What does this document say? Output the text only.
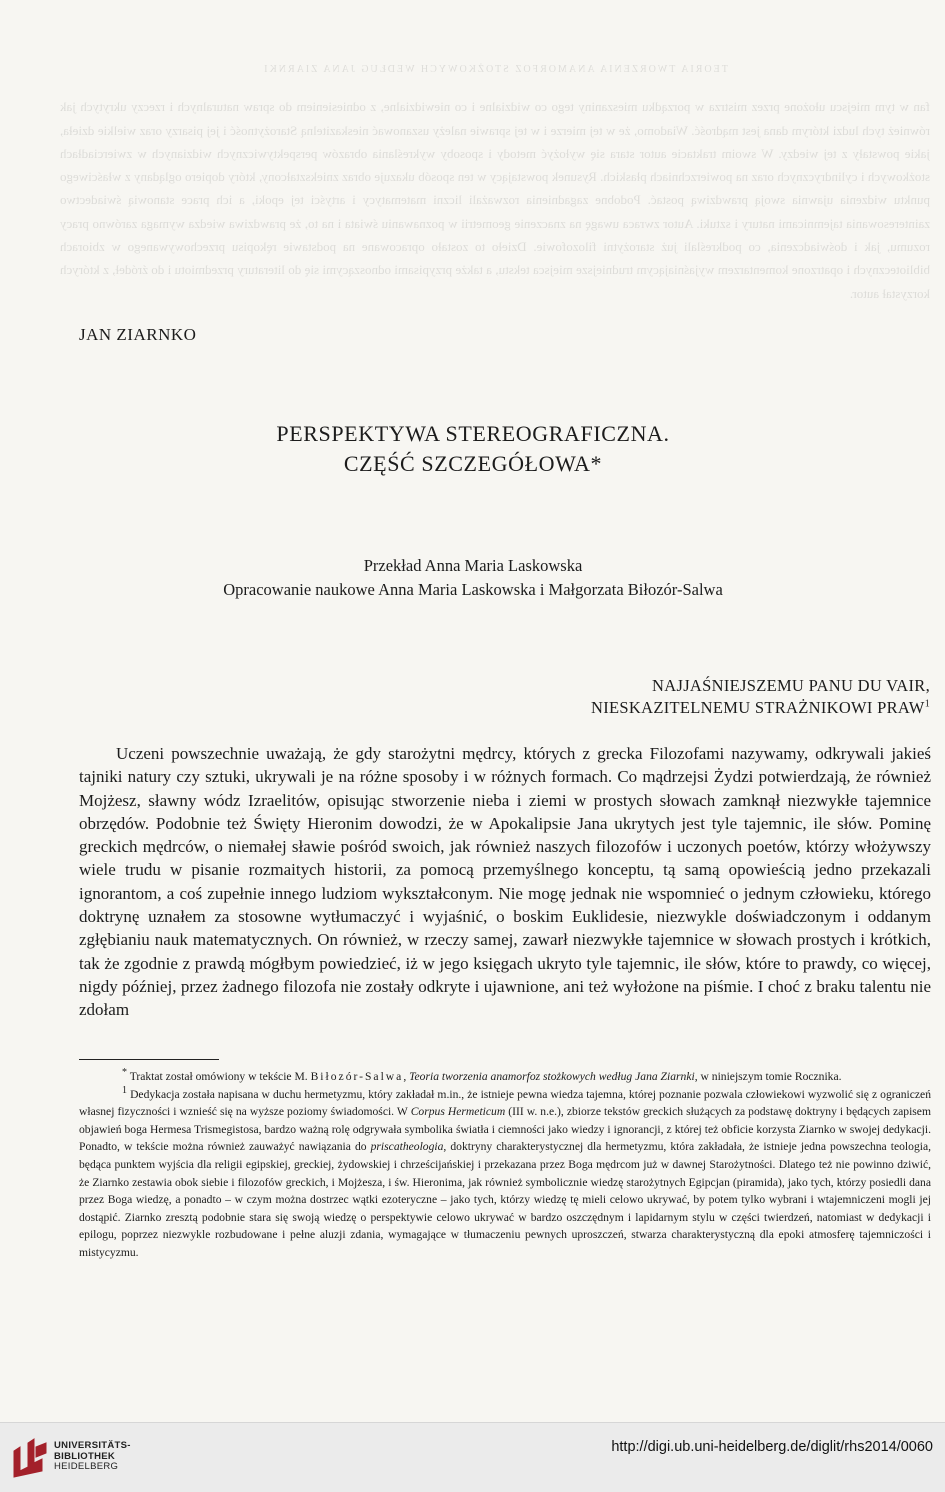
TEORIA TWORZENIA ANAMORFOZ STOŻKOWYCH WEDŁUG JANA ZIARNKI
fan w tym miejscu ułożone przez mistrza w porządku mieszaniny tego co widzialne i co niewidzialne, z odniesieniem do spraw naturalnych i rzeczy ukrytych jak również tych ludzi którym dana jest mądrość. Wiadomo, że w tej mierze i w tej sprawie należy uszanować nieskazitelną Starożytność i jej pisarzy oraz wielkie dzieła, jakie powstały z tej wiedzy. W swoim traktacie autor stara się wyłożyć metody i sposoby wykreślania obrazów perspektywicznych widzianych w zwierciadłach stożkowych i cylindrycznych oraz na powierzchniach płaskich. Rysunek powstający w ten sposób ukazuje obraz zniekształcony, który dopiero oglądany z właściwego punktu widzenia ujawnia swoją prawdziwą postać. Podobne zagadnienia rozważali liczni matematycy i artyści tej epoki, a ich prace stanowią świadectwo zainteresowania tajemnicami natury i sztuki. Autor zwraca uwagę na znaczenie geometrii w poznawaniu świata i na to, że prawdziwa wiedza wymaga zarówno pracy rozumu, jak i doświadczenia, co podkreślali już starożytni filozofowie. Dzieło to zostało opracowane na podstawie rękopisu przechowywanego w zbiorach bibliotecznych i opatrzone komentarzem wyjaśniającym trudniejsze miejsca tekstu, a także przypisami odnoszącymi się do literatury przedmiotu i do źródeł, z których korzystał autor.
JAN ZIARNKO
PERSPEKTYWA STEREOGRAFICZNA.
CZĘŚĆ SZCZEGÓŁOWA*
Przekład Anna Maria Laskowska
Opracowanie naukowe Anna Maria Laskowska i Małgorzata Biłozór-Salwa
NAJJAŚNIEJSZEMU PANU DU VAIR,
NIESKAZITELNEMU STRAŻNIKOWI PRAW$^1$

Uczeni powszechnie uważają, że gdy starożytni mędrcy, których z grecka Filozofami nazywamy, odkrywali jakieś tajniki natury czy sztuki, ukrywali je na różne sposoby i w różnych formach. Co mądrzejsi Żydzi potwierdzają, że również Mojżesz, sławny wódz Izraelitów, opisując stworzenie nieba i ziemi w prostych słowach zamknął niezwykłe tajemnice obrzędów. Podobnie też Święty Hieronim dowodzi, że w Apokalipsie Jana ukrytych jest tyle tajemnic, ile słów. Pominę greckich mędrców, o niemałej sławie pośród swoich, jak również naszych filozofów i uczonych poetów, którzy włożywszy wiele trudu w pisanie rozmaitych historii, za pomocą przemyślnego konceptu, tą samą opowieścią jedno przekazali ignorantom, a coś zupełnie innego ludziom wykształconym. Nie mogę jednak nie wspomnieć o jednym człowieku, którego doktrynę uznałem za stosowne wytłumaczyć i wyjaśnić, o boskim Euklidesie, niezwykle doświadczonym i oddanym zgłębianiu nauk matematycznych. On również, w rzeczy samej, zawarł niezwykłe tajemnice w słowach prostych i krótkich, tak że zgodnie z prawdą mógłbym powiedzieć, iż w jego księgach ukryto tyle tajemnic, ile słów, które to prawdy, co więcej, nigdy później, przez żadnego filozofa nie zostały odkryte i ujawnione, ani też wyłożone na piśmie. I choć z braku talentu nie zdołam

* Traktat został omówiony w tekście M. Biłozór-Salwa, Teoria tworzenia anamorfoz stożkowych według Jana Ziarnki, w niniejszym tomie Rocznika.

$^1$ Dedykacja została napisana w duchu hermetyzmu, który zakładał m.in., że istnieje pewna wiedza tajemna, której poznanie pozwala człowiekowi wyzwolić się z ograniczeń własnej fizyczności i wznieść się na wyższe poziomy świadomości. W Corpus Hermeticum (III w. n.e.), zbiorze tekstów greckich służących za podstawę doktryny i będących zapisem objawień boga Hermesa Trismegistosa, bardzo ważną rolę odgrywała symbolika światła i ciemności jako wiedzy i ignorancji, z której też obficie korzysta Ziarnko w swojej dedykacji. Ponadto, w tekście można również zauważyć nawiązania do priscatheologia, doktryny charakterystycznej dla hermetyzmu, która zakładała, że istnieje jedna powszechna teologia, będąca punktem wyjścia dla religii egipskiej, greckiej, żydowskiej i chrześcijańskiej i przekazana przez Boga mędrcom już w dawnej Starożytności. Dlatego też nie powinno dziwić, że Ziarnko zestawia obok siebie i filozofów greckich, i Mojżesza, i św. Hieronima, jak również symbolicznie wiedzę starożytnych Egipcjan (piramida), jako tych, którzy posiedli dana przez Boga wiedzę, a ponadto – w czym można dostrzec wątki ezoteryczne – jako tych, którzy wiedzę tę mieli celowo ukrywać, by potem tylko wybrani i wtajemniczeni mogli jej dostąpić. Ziarnko zresztą podobnie stara się swoją wiedzę o perspektywie celowo ukrywać w bardzo oszczędnym i lapidarnym stylu w części twierdzeń, natomiast w dedykacji i epilogu, poprzez niezwykle rozbudowane i pełne aluzji zdania, wymagające w tłumaczeniu pewnych uproszczeń, stwarza charakterystyczną dla epoki atmosferę tajemniczości i mistycyzmu.

UNIVERSITÄTS-
BIBLIOTHEK
HEIDELBERG
http://digi.ub.uni-heidelberg.de/diglit/rhs2014/0060
